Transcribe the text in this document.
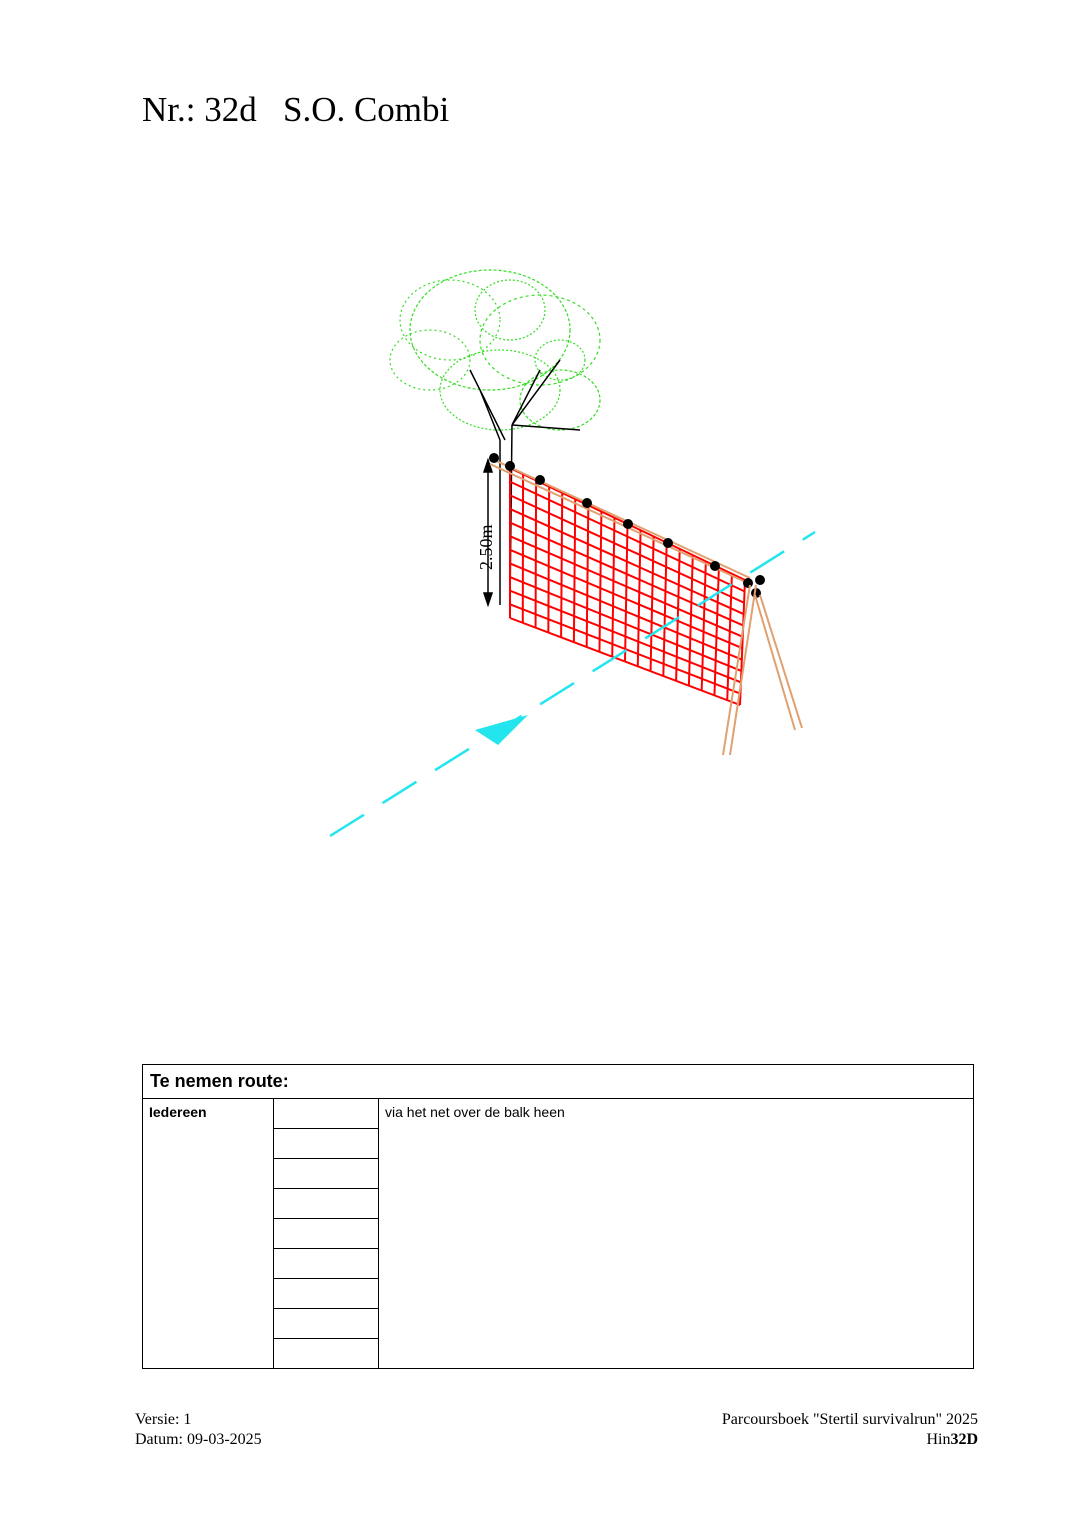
Nr.: 32d   S.O. Combi
2.50m
Te nemen route:
Iedereen		via het net over de balk heen

Versie: 1
Datum: 09-03-2025
Parcoursboek "Stertil survivalrun" 2025
Hin32D
